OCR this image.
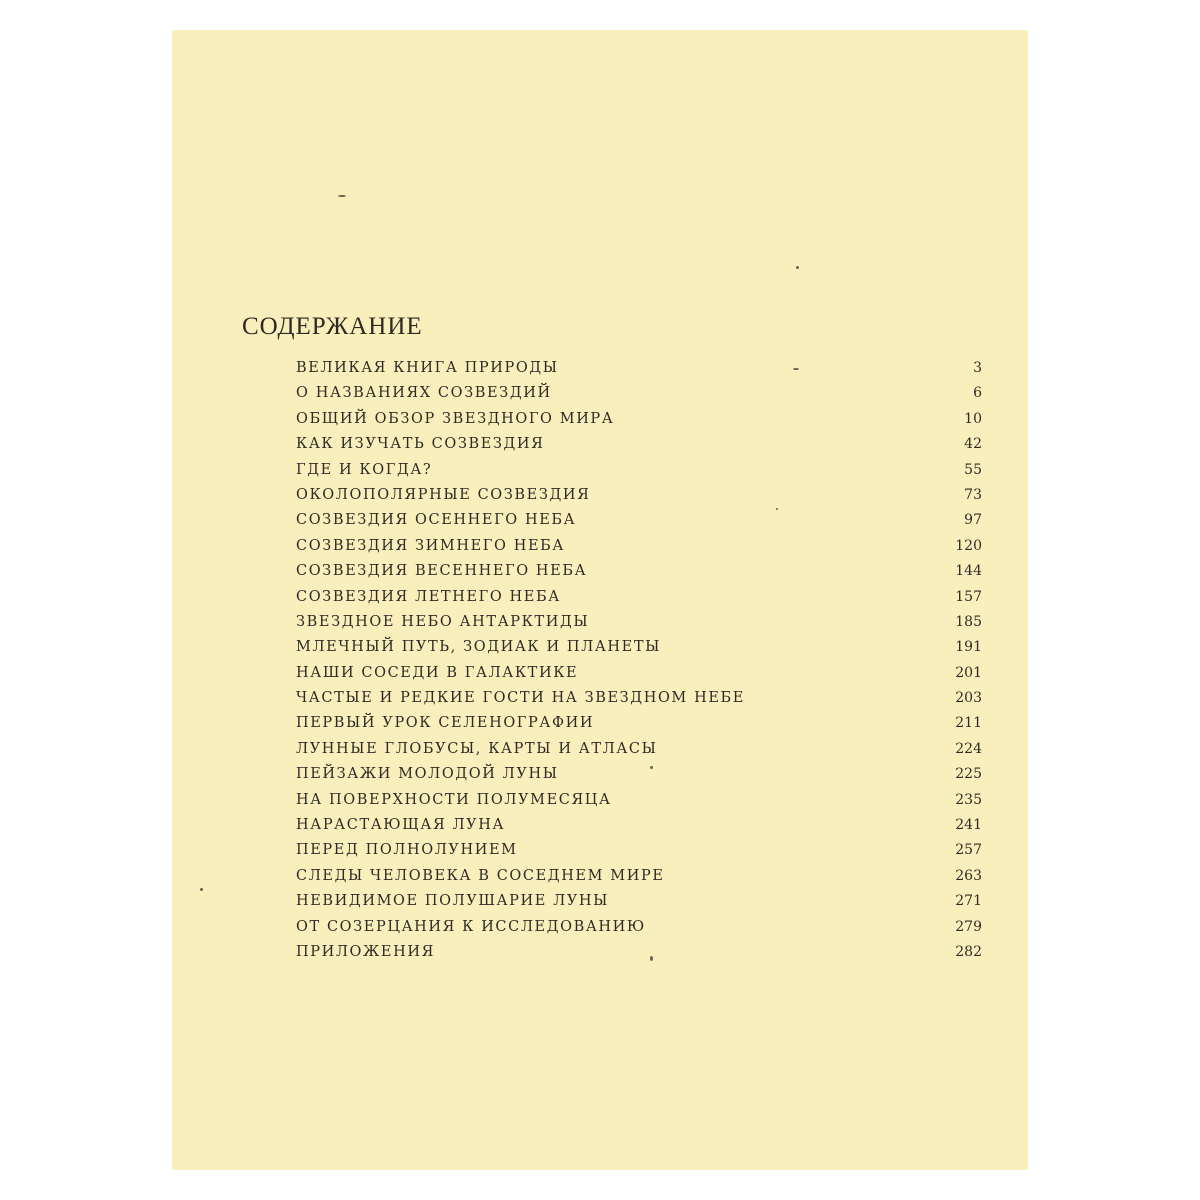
СОДЕРЖАНИЕ
ВЕЛИКАЯ КНИГА ПРИРОДЫ	3
О НАЗВАНИЯХ СОЗВЕЗДИЙ	6
ОБЩИЙ ОБЗОР ЗВЕЗДНОГО МИРА	10
КАК ИЗУЧАТЬ СОЗВЕЗДИЯ	42
ГДЕ И КОГДА?	55
ОКОЛОПОЛЯРНЫЕ СОЗВЕЗДИЯ	73
СОЗВЕЗДИЯ ОСЕННЕГО НЕБА	97
СОЗВЕЗДИЯ ЗИМНЕГО НЕБА	120
СОЗВЕЗДИЯ ВЕСЕННЕГО НЕБА	144
СОЗВЕЗДИЯ ЛЕТНЕГО НЕБА	157
ЗВЕЗДНОЕ НЕБО АНТАРКТИДЫ	185
МЛЕЧНЫЙ ПУТЬ, ЗОДИАК И ПЛАНЕТЫ	191
НАШИ СОСЕДИ В ГАЛАКТИКЕ	201
ЧАСТЫЕ И РЕДКИЕ ГОСТИ НА ЗВЕЗДНОМ НЕБЕ	203
ПЕРВЫЙ УРОК СЕЛЕНОГРАФИИ	211
ЛУННЫЕ ГЛОБУСЫ, КАРТЫ И АТЛАСЫ	224
ПЕЙЗАЖИ МОЛОДОЙ ЛУНЫ	225
НА ПОВЕРХНОСТИ ПОЛУМЕСЯЦА	235
НАРАСТАЮЩАЯ ЛУНА	241
ПЕРЕД ПОЛНОЛУНИЕМ	257
СЛЕДЫ ЧЕЛОВЕКА В СОСЕДНЕМ МИРЕ	263
НЕВИДИМОЕ ПОЛУШАРИЕ ЛУНЫ	271
ОТ СОЗЕРЦАНИЯ К ИССЛЕДОВАНИЮ	279
ПРИЛОЖЕНИЯ	282
